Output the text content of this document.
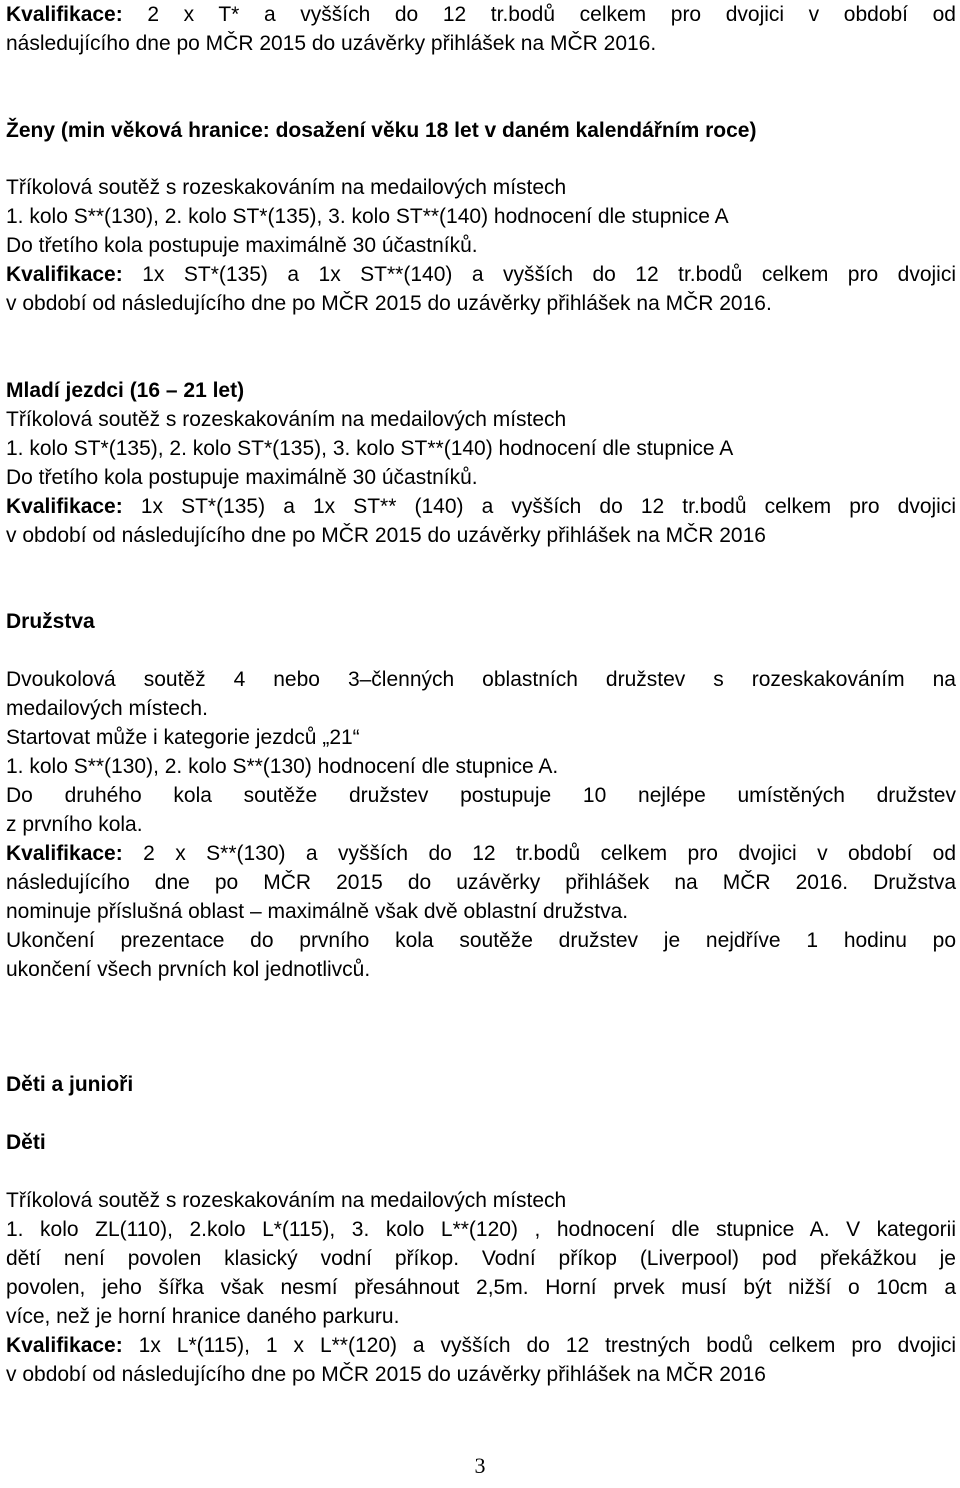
Kvalifikace: 2 x T* a vyšších do 12 tr.bodů celkem pro dvojici v období od
následujícího dne po MČR 2015 do uzávěrky přihlášek na MČR 2016.
Ženy (min věková hranice: dosažení věku 18 let v daném kalendářním roce)
Tříkolová soutěž s rozeskakováním na medailových místech
1. kolo S**(130), 2. kolo ST*(135), 3. kolo ST**(140) hodnocení dle stupnice A
Do třetího kola postupuje maximálně 30 účastníků.
Kvalifikace: 1x ST*(135) a 1x ST**(140) a vyšších do 12 tr.bodů celkem pro dvojici
v období od následujícího dne po MČR 2015 do uzávěrky přihlášek na MČR 2016.
Mladí jezdci (16 – 21 let)
Tříkolová soutěž s rozeskakováním na medailových místech
1. kolo ST*(135), 2. kolo ST*(135), 3. kolo ST**(140) hodnocení dle stupnice A
Do třetího kola postupuje maximálně 30 účastníků.
Kvalifikace: 1x ST*(135) a 1x ST** (140) a vyšších do 12 tr.bodů celkem pro dvojici
v období od následujícího dne po MČR 2015 do uzávěrky přihlášek na MČR 2016
Družstva
Dvoukolová soutěž 4 nebo 3–členných oblastních družstev s rozeskakováním na
medailových místech.
Startovat může i kategorie jezdců „21“
1. kolo S**(130), 2. kolo S**(130) hodnocení dle stupnice A.
Do druhého kola soutěže družstev postupuje 10 nejlépe umístěných družstev
z prvního kola.
Kvalifikace: 2 x S**(130) a vyšších do 12 tr.bodů celkem pro dvojici v období od
následujícího dne po MČR 2015 do uzávěrky přihlášek na MČR 2016. Družstva
nominuje příslušná oblast – maximálně však dvě oblastní družstva.
Ukončení prezentace do prvního kola soutěže družstev je nejdříve 1 hodinu po
ukončení všech prvních kol jednotlivců.
Děti a junioři
Děti
Tříkolová soutěž s rozeskakováním na medailových místech
1. kolo ZL(110), 2.kolo L*(115), 3. kolo L**(120) , hodnocení dle stupnice A. V kategorii
dětí není povolen klasický vodní příkop. Vodní příkop (Liverpool) pod překážkou je
povolen, jeho šířka však nesmí přesáhnout 2,5m. Horní prvek musí být nižší o 10cm a
více, než je horní hranice daného parkuru.
Kvalifikace: 1x L*(115), 1 x L**(120) a vyšších do 12 trestných bodů celkem pro dvojici
v období od následujícího dne po MČR 2015 do uzávěrky přihlášek na MČR 2016
3
